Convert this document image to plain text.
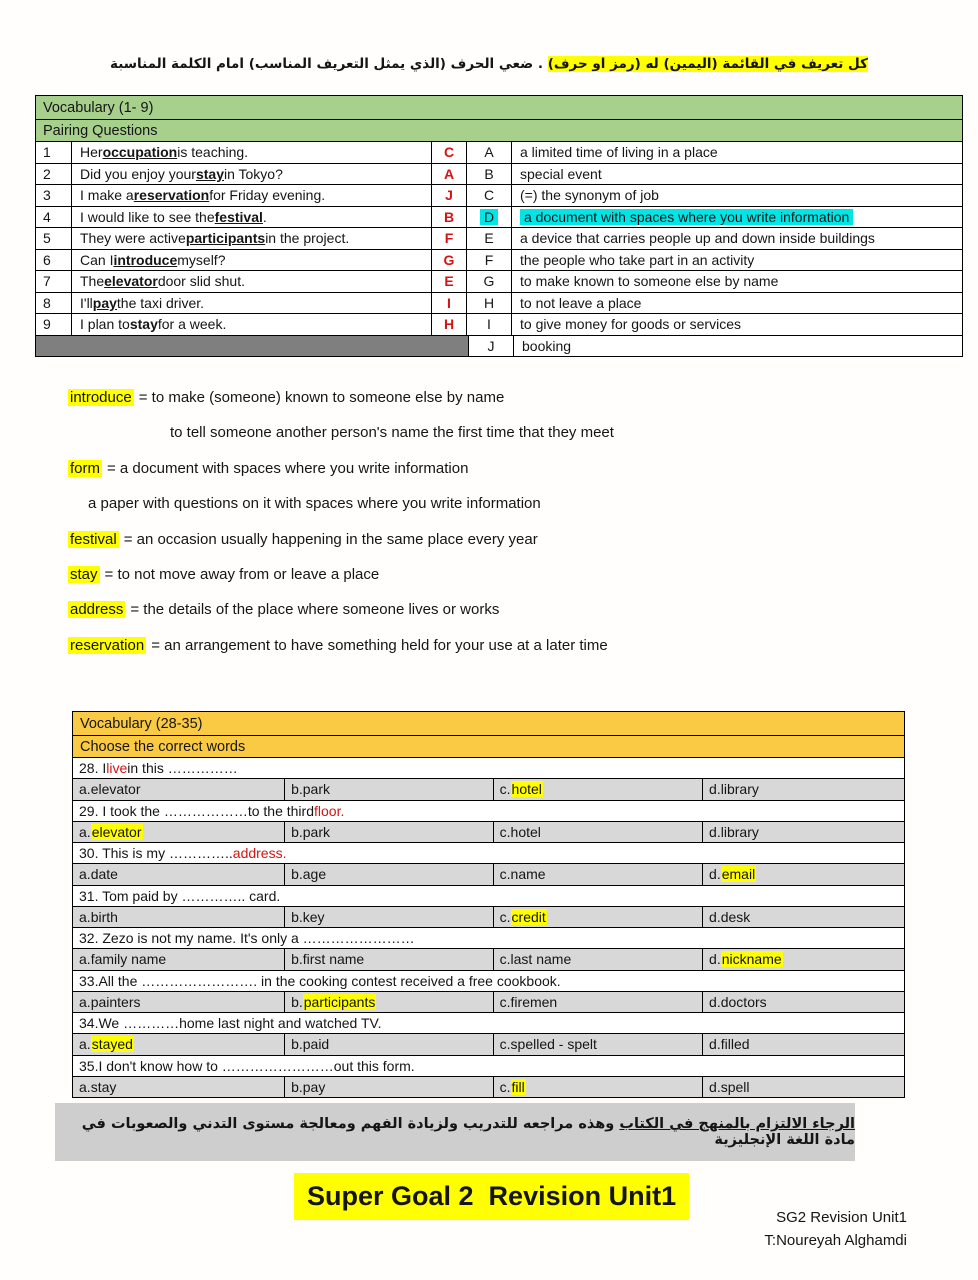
كل تعريف في القائمة (اليمين) له (رمز او حرف) . ضعي الحرف (الذي يمثل التعريف المناسب) امام الكلمة المناسبة
Vocabulary (1- 9)
Pairing Questions
1	Her occupation is teaching.	C	A a limited time of living in a place
2	Did you enjoy your stay in Tokyo?	A	B special event
3	I make a reservation for Friday evening.	J	C (=) the synonym of job
4	I would like to see the festival .	B	D a document with spaces where you write information
5	They were active participants in the project.	F	E a device that carries people up and down inside buildings
6	Can I introduce myself?	G	F the people who take part in an activity
7	The elevator door slid shut.	E	G to make known to someone else by name
8	I'll pay the taxi driver.	I	H to not leave a place
9	I plan to stay for a week.	H	I to give money for goods or services
J	booking
introduce = to make (someone) known to someone else by name
to tell someone another person's name the first time that they meet
form = a document with spaces where you write information
a paper with questions on it with spaces where you write information
festival = an occasion usually happening in the same place every year
stay = to not move away from or leave a place
address = the details of the place where someone lives or works
reservation = an arrangement to have something held for your use at a later time
Vocabulary (28-35)
Choose the correct words
28. I live in this ……………
a. elevator	b. park	c. hotel	d. library
29. I took the ………………to the third floor.
a. elevator	b. park	c. hotel	d. library
30. This is my ………….. address.
a. date	b. age	c. name	d. email
31. Tom paid by ………….. card.
a. birth	b. key	c. credit	d. desk
32. Zezo is not my name. It's only a ……………………
a. family name	b. first name	c. last name	d. nickname
33.All the ……………………. in the cooking contest received a free cookbook.
a. painters	b. participants	c. firemen	d. doctors
34.We …………home last night and watched TV.
a. stayed	b. paid	c. spelled - spelt	d. filled
35.I don't know how to ……………………out this form.
a. stay	b. pay	c. fill	d. spell
الرجاء الالتزام بالمنهج في الكتاب وهذه مراجعه للتدريب ولزيادة الفهم ومعالجة مستوى التدني والصعوبات في مادة اللغة الإنجليزية
Super Goal 2  Revision Unit1
SG2 Revision Unit1
T:Noureyah Alghamdi
